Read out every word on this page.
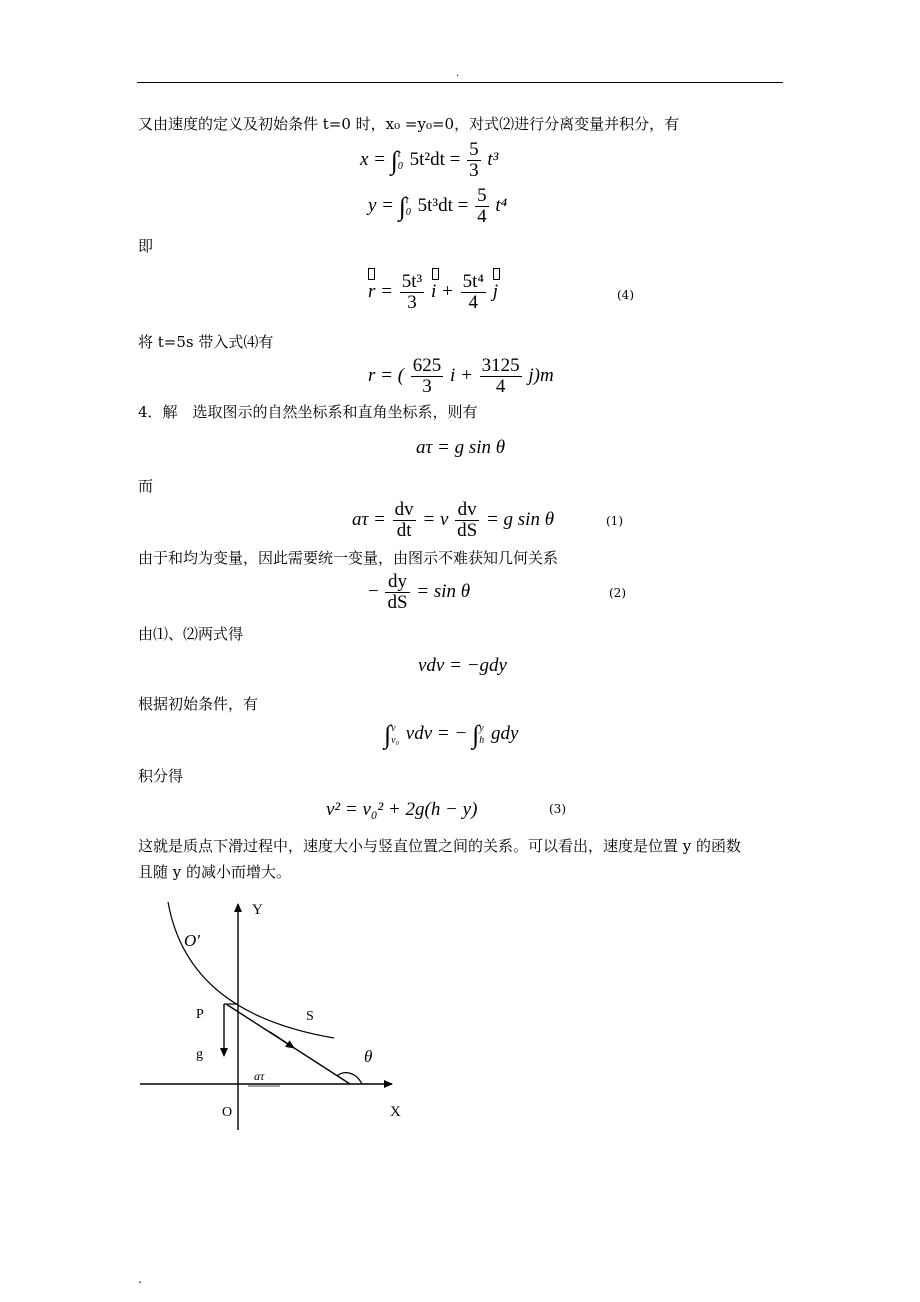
.
又由速度的定义及初始条件 t=0 时，x₀ =y₀=0，对式⑵进行分离变量并积分，有
x = ∫ t
0 $5t^2dt = \frac{5}{3} t^3$
y = ∫ t
0 $5t^3dt = \frac{5}{4} t^4$
即
$r = \frac{\text{5t³}}{3}$
$i + \frac{\text{5t⁴}}{4}$
j	(4)
将 t=5s 带入式⑷有
r = ( $\frac{625}{3}$ $i + \frac{3125}{4} j)m$
4．解　选取图示的自然坐标系和直角坐标系，则有
aτ = g sin θ
而
$a\tau = \frac{dv}{dt} = v \frac{dv}{dS} = g$ sin θ	(1)
由于和均为变量，因此需要统一变量，由图示不难获知几何关系
− $\frac{dy}{dS} = \sin \theta$	(2)
由⑴、⑵两式得
vdv = −gdy
根据初始条件，有
∫ v
v₀ vdv = − ∫ y
h gdy
积分得
v² = v₀² + 2g(h − y)	(3)
这就是质点下滑过程中，速度大小与竖直位置之间的关系。可以看出，速度是位置 y 的函数
且随 y 的减小而增大。
Y
O′
P	S
g	θ
aτ
O	X
.
